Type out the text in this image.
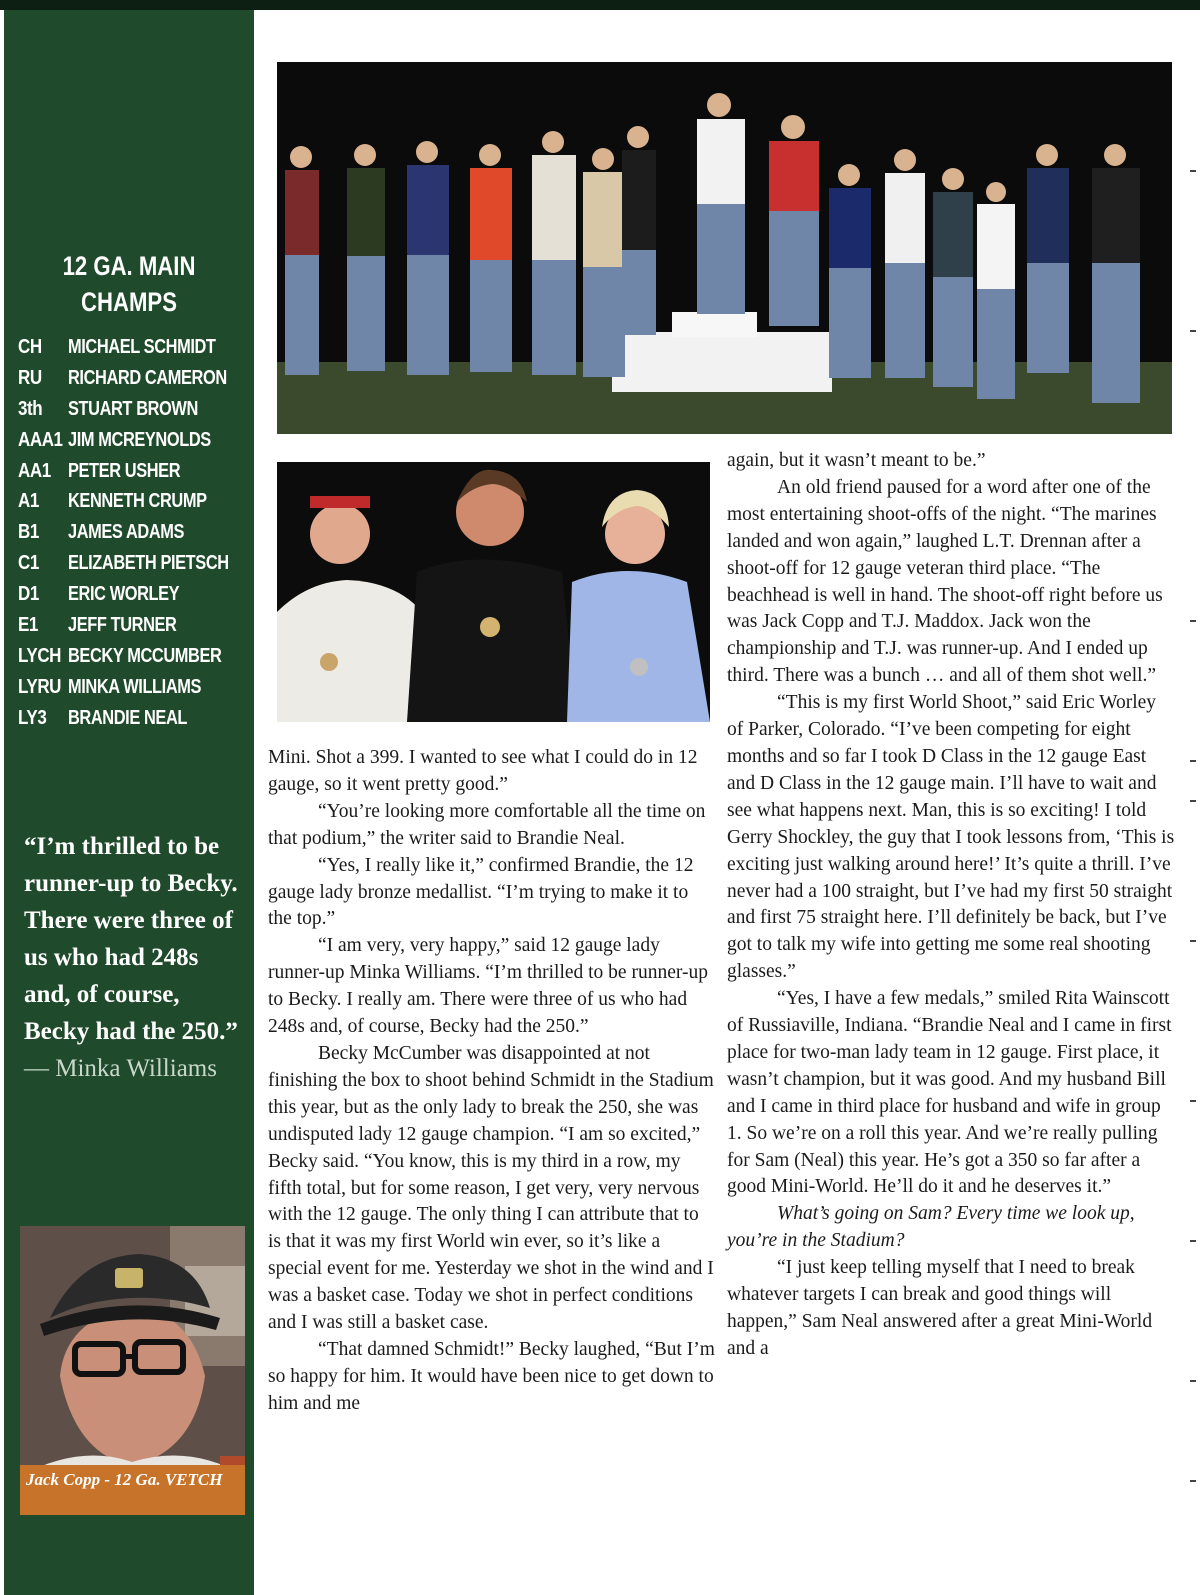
12 GA. MAIN CHAMPS
CH MICHAEL SCHMIDT
RU RICHARD CAMERON
3th STUART BROWN
AAA1 JIM MCREYNOLDS
AA1 PETER USHER
A1 KENNETH CRUMP
B1 JAMES ADAMS
C1 ELIZABETH PIETSCH
D1 ERIC WORLEY
E1 JEFF TURNER
LYCH BECKY MCCUMBER
LYRU MINKA WILLIAMS
LY3 BRANDIE NEAL
“I’m thrilled to be runner-up to Becky. There were three of us who had 248s and, of course, Becky had the 250.” — Minka Williams
Jack Copp - 12 Ga. VETCH

Mini. Shot a 399. I wanted to see what I could do in 12 gauge, so it went pretty good.”

“You’re looking more comfortable all the time on that podium,” the writer said to Brandie Neal.

“Yes, I really like it,” confirmed Brandie, the 12 gauge lady bronze medallist. “I’m trying to make it to the top.”

“I am very, very happy,” said 12 gauge lady runner-up Minka Williams. “I’m thrilled to be runner-up to Becky. I really am. There were three of us who had 248s and, of course, Becky had the 250.”

Becky McCumber was disappointed at not finishing the box to shoot behind Schmidt in the Stadium this year, but as the only lady to break the 250, she was undisputed lady 12 gauge champion. “I am so excited,” Becky said. “You know, this is my third in a row, my fifth total, but for some reason, I get very, very nervous with the 12 gauge. The only thing I can attribute that to is that it was my first World win ever, so it’s like a special event for me. Yesterday we shot in the wind and I was a basket case. Today we shot in perfect conditions and I was still a basket case.

“That damned Schmidt!” Becky laughed, “But I’m so happy for him. It would have been nice to get down to him and me

again, but it wasn’t meant to be.”

An old friend paused for a word after one of the most entertaining shoot-offs of the night. “The marines landed and won again,” laughed L.T. Drennan after a shoot-off for 12 gauge veteran third place. “The beachhead is well in hand. The shoot-off right before us was Jack Copp and T.J. Maddox. Jack won the championship and T.J. was runner-up. And I ended up third. There was a bunch … and all of them shot well.”

“This is my first World Shoot,” said Eric Worley of Parker, Colorado. “I’ve been competing for eight months and so far I took D Class in the 12 gauge East and D Class in the 12 gauge main. I’ll have to wait and see what happens next. Man, this is so exciting! I told Gerry Shockley, the guy that I took lessons from, ‘This is exciting just walking around here!’ It’s quite a thrill. I’ve never had a 100 straight, but I’ve had my first 50 straight and first 75 straight here. I’ll definitely be back, but I’ve got to talk my wife into getting me some real shooting glasses.”

“Yes, I have a few medals,” smiled Rita Wainscott of Russiaville, Indiana. “Brandie Neal and I came in first place for two-man lady team in 12 gauge. First place, it wasn’t champion, but it was good. And my husband Bill and I came in third place for husband and wife in group 1. So we’re on a roll this year. And we’re really pulling for Sam (Neal) this year. He’s got a 350 so far after a good Mini-World. He’ll do it and he deserves it.”

What’s going on Sam? Every time we look up, you’re in the Stadium?

“I just keep telling myself that I need to break whatever targets I can break and good things will happen,” Sam Neal answered after a great Mini-World and a
